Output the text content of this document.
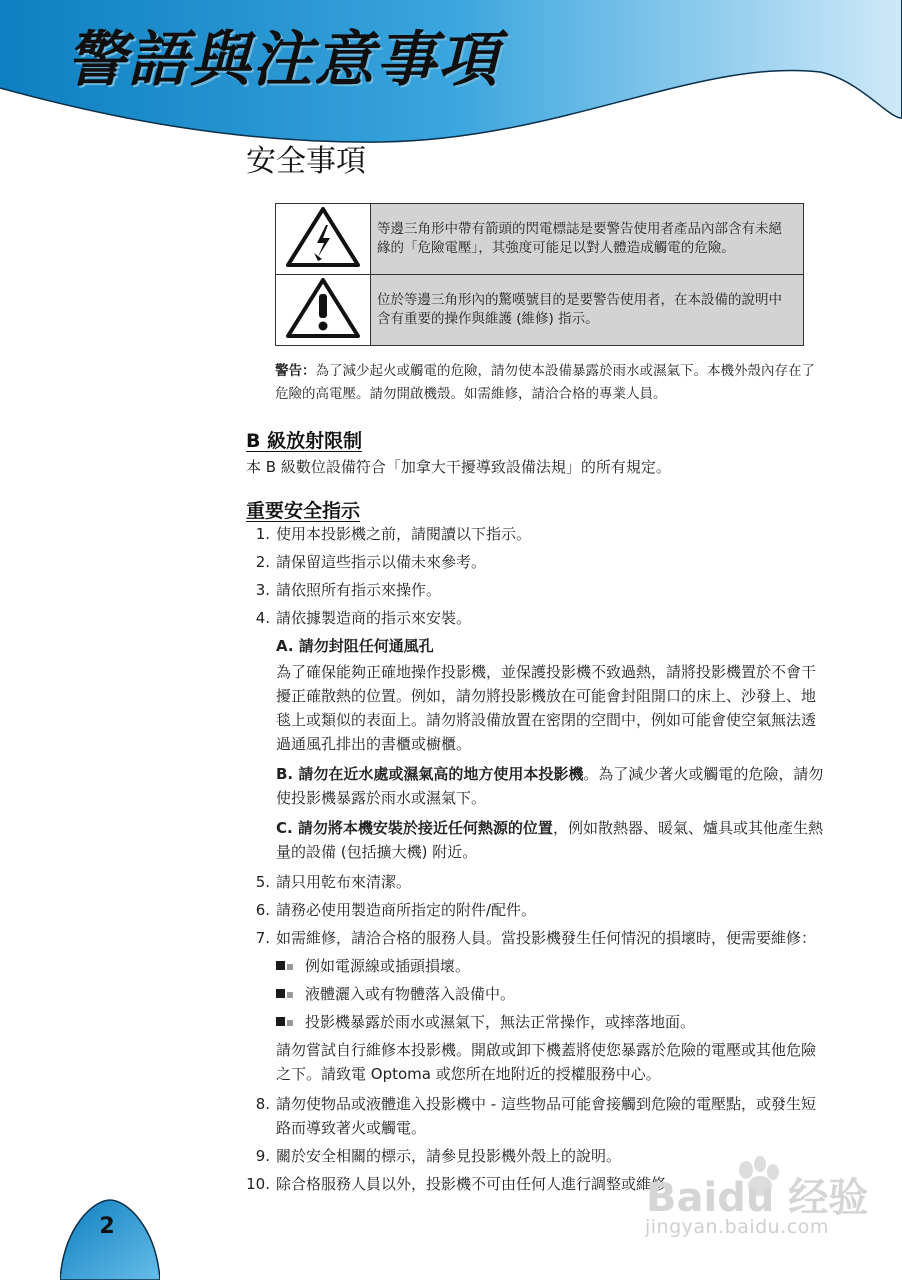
警語與注意事項
安全事項
	等邊三角形中帶有箭頭的閃電標誌是要警告使用者產品內部含有未絕緣的「危險電壓」，其強度可能足以對人體造成觸電的危險。
	位於等邊三角形內的驚嘆號目的是要警告使用者，在本設備的說明中含有重要的操作與維護 (維修) 指示。
警告：為了減少起火或觸電的危險，請勿使本設備暴露於雨水或濕氣下。本機外殼內存在了危險的高電壓。請勿開啟機殼。如需維修，請洽合格的專業人員。
B 級放射限制
本 B 級數位設備符合「加拿大干擾導致設備法規」的所有規定。
重要安全指示
1. 使用本投影機之前，請閱讀以下指示。
2. 請保留這些指示以備未來參考。
3. 請依照所有指示來操作。
4. 請依據製造商的指示來安裝。
A. 請勿封阻任何通風孔
為了確保能夠正確地操作投影機，並保護投影機不致過熱，請將投影機置於不會干擾正確散熱的位置。例如，請勿將投影機放在可能會封阻開口的床上、沙發上、地毯上或類似的表面上。請勿將設備放置在密閉的空間中，例如可能會使空氣無法透過通風孔排出的書櫃或櫥櫃。
B. 請勿在近水處或濕氣高的地方使用本投影機。為了減少著火或觸電的危險，請勿使投影機暴露於雨水或濕氣下。
C. 請勿將本機安裝於接近任何熱源的位置，例如散熱器、暖氣、爐具或其他產生熱量的設備 (包括擴大機) 附近。
5. 請只用乾布來清潔。
6. 請務必使用製造商所指定的附件/配件。
7. 如需維修，請洽合格的服務人員。當投影機發生任何情況的損壞時，便需要維修：
例如電源線或插頭損壞。
液體灑入或有物體落入設備中。
投影機暴露於雨水或濕氣下，無法正常操作，或摔落地面。
請勿嘗試自行維修本投影機。開啟或卸下機蓋將使您暴露於危險的電壓或其他危險之下。請致電 Optoma 或您所在地附近的授權服務中心。
8. 請勿使物品或液體進入投影機中 - 這些物品可能會接觸到危險的電壓點，或發生短路而導致著火或觸電。
9. 關於安全相關的標示，請參見投影機外殼上的說明。
10. 除合格服務人員以外，投影機不可由任何人進行調整或維修。
2
Baidu 经验
jingyan.baidu.com
